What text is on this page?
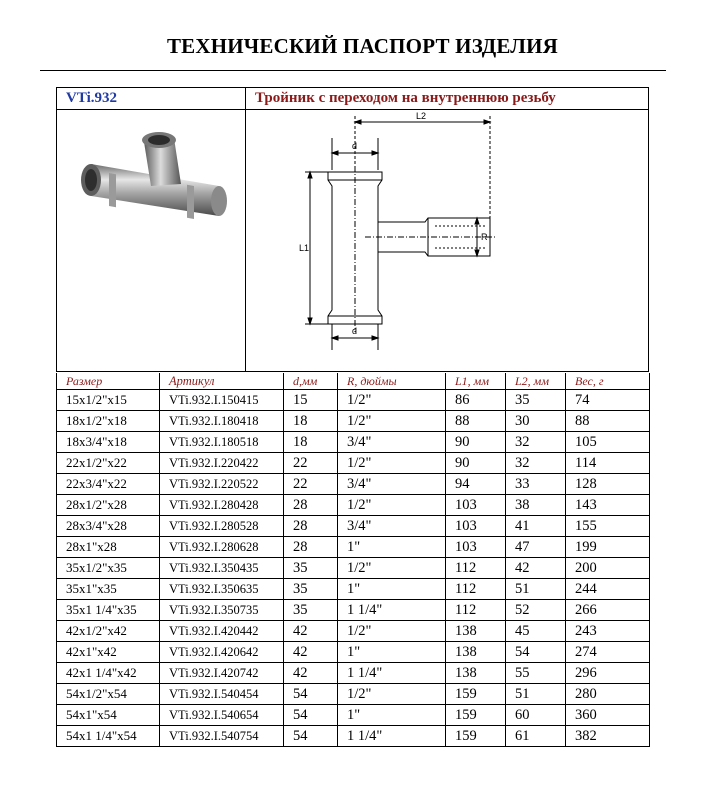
ТЕХНИЧЕСКИЙ ПАСПОРТ ИЗДЕЛИЯ
VTi.932	Тройник с переходом на внутреннюю резьбу
L2
L1
d
d
R
Размер	Артикул	d,мм	R, дюймы	L1, мм	L2, мм	Вес, г
15x1/2"x15	VTi.932.I.150415	15	1/2"	86	35	74
18x1/2"x18	VTi.932.I.180418	18	1/2"	88	30	88
18x3/4"x18	VTi.932.I.180518	18	3/4"	90	32	105
22x1/2"x22	VTi.932.I.220422	22	1/2"	90	32	114
22x3/4"x22	VTi.932.I.220522	22	3/4"	94	33	128
28x1/2"x28	VTi.932.I.280428	28	1/2"	103	38	143
28x3/4"x28	VTi.932.I.280528	28	3/4"	103	41	155
28x1"x28	VTi.932.I.280628	28	1"	103	47	199
35x1/2"x35	VTi.932.I.350435	35	1/2"	112	42	200
35x1"x35	VTi.932.I.350635	35	1"	112	51	244
35x1 1/4"x35	VTi.932.I.350735	35	1 1/4"	112	52	266
42x1/2"x42	VTi.932.I.420442	42	1/2"	138	45	243
42x1"x42	VTi.932.I.420642	42	1"	138	54	274
42x1 1/4"x42	VTi.932.I.420742	42	1 1/4"	138	55	296
54x1/2"x54	VTi.932.I.540454	54	1/2"	159	51	280
54x1"x54	VTi.932.I.540654	54	1"	159	60	360
54x1 1/4"x54	VTi.932.I.540754	54	1 1/4"	159	61	382
